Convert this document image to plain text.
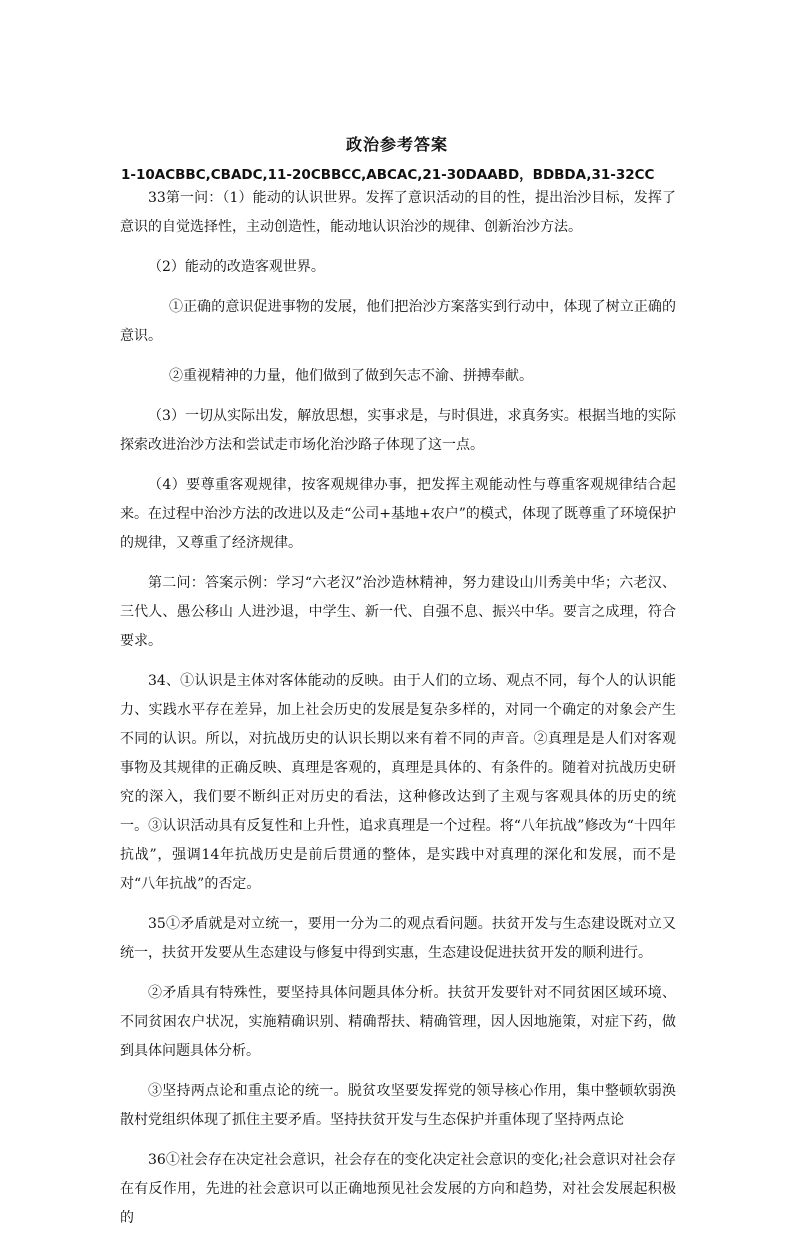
政治参考答案
1-10ACBBC,CBADC,11-20CBBCC,ABCAC,21-30DAABD，BDBDA,31-32CC

33第一问：（1）能动的认识世界。发挥了意识活动的目的性，提出治沙目标，发挥了意识的自觉选择性，主动创造性，能动地认识治沙的规律、创新治沙方法。

（2）能动的改造客观世界。

①正确的意识促进事物的发展，他们把治沙方案落实到行动中，体现了树立正确的意识。

②重视精神的力量，他们做到了做到矢志不渝、拼搏奉献。

（3）一切从实际出发，解放思想，实事求是，与时俱进，求真务实。根据当地的实际探索改进治沙方法和尝试走市场化治沙路子体现了这一点。

（4）要尊重客观规律，按客观规律办事，把发挥主观能动性与尊重客观规律结合起来。在过程中治沙方法的改进以及走“公司+基地+农户”的模式，体现了既尊重了环境保护的规律，又尊重了经济规律。

第二问：答案示例：学习“六老汉”治沙造林精神，努力建设山川秀美中华；六老汉、三代人、愚公移山 人进沙退，中学生、新一代、自强不息、振兴中华。要言之成理，符合要求。

34、①认识是主体对客体能动的反映。由于人们的立场、观点不同，每个人的认识能力、实践水平存在差异，加上社会历史的发展是复杂多样的，对同一个确定的对象会产生不同的认识。所以，对抗战历史的认识长期以来有着不同的声音。②真理是是人们对客观事物及其规律的正确反映、真理是客观的，真理是具体的、有条件的。随着对抗战历史研究的深入，我们要不断纠正对历史的看法，这种修改达到了主观与客观具体的历史的统一。③认识活动具有反复性和上升性，追求真理是一个过程。将“八年抗战”修改为“十四年抗战”，强调14年抗战历史是前后贯通的整体，是实践中对真理的深化和发展，而不是对“八年抗战”的否定。

35①矛盾就是对立统一，要用一分为二的观点看问题。扶贫开发与生态建设既对立又统一，扶贫开发要从生态建设与修复中得到实惠，生态建设促进扶贫开发的顺利进行。

②矛盾具有特殊性，要坚持具体问题具体分析。扶贫开发要针对不同贫困区域环境、不同贫困农户状况，实施精确识别、精确帮扶、精确管理，因人因地施策，对症下药，做到具体问题具体分析。

③坚持两点论和重点论的统一。脱贫攻坚要发挥党的领导核心作用，集中整顿软弱涣散村党组织体现了抓住主要矛盾。坚持扶贫开发与生态保护并重体现了坚持两点论

36①社会存在决定社会意识，社会存在的变化决定社会意识的变化;社会意识对社会存在有反作用，先进的社会意识可以正确地预见社会发展的方向和趋势，对社会发展起积极的
